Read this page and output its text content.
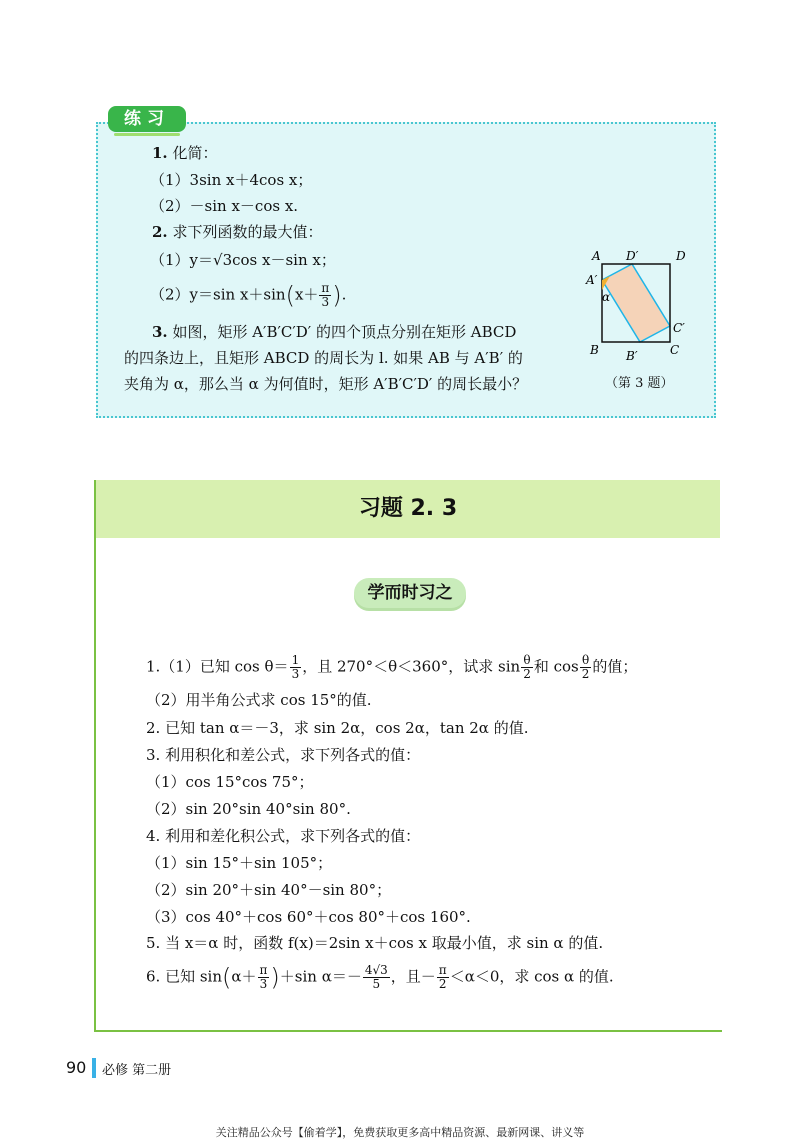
练习
1. 化简：
（1）3sin x＋4cos x；
（2）－sin x－cos x.
2. 求下列函数的最大值：
（1）y＝√3cos x－sin x；
（2）y＝sin $x+\sin(x+ \frac{\pi}{3}$ ).
3. 如图，矩形 A′B′C′D′ 的四个顶点分别在矩形 ABCD
的四条边上，且矩形 ABCD 的周长为 l. 如果 AB 与 A′B′ 的
夹角为 α，那么当 α 为何值时，矩形 A′B′C′D′ 的周长最小？
A D′	D
A′
α
C′
B B′	C
（第 3 题）
习题 2. 3
学而时习之
1.（1）已知 $\cos \theta= \frac{1}{3}$ ，且 270°＜θ＜360°，试求 $\sin \frac{\theta}{2}$ 和 $\cos \frac{\theta}{2}$ 的值；
（2）用半角公式求 cos 15°的值.
2. 已知 tan α＝－3，求 sin 2α，cos 2α，tan 2α 的值.
3. 利用积化和差公式，求下列各式的值：
（1）cos 15°cos 75°；
（2）sin 20°sin 40°sin 80°.
4. 利用和差化积公式，求下列各式的值：
（1）sin 15°＋sin 105°；
（2）sin 20°＋sin 40°－sin 80°；
（3）cos 40°＋cos 60°＋cos 80°＋cos 160°.
5. 当 x＝α 时，函数 f(x)＝2sin x＋cos x 取最小值，求 sin α 的值.
6. 已知 $\sin(\alpha+ \frac{\pi}{3} )+\sin$ $\alpha=- \frac{4√3}{5}$ ，且－ $\frac{\pi}{2} <\alpha<0$，求 cos α 的值.
90 必修 第二册
关注精品公众号【偷着学】，免费获取更多高中精品资源、最新网课、讲义等
